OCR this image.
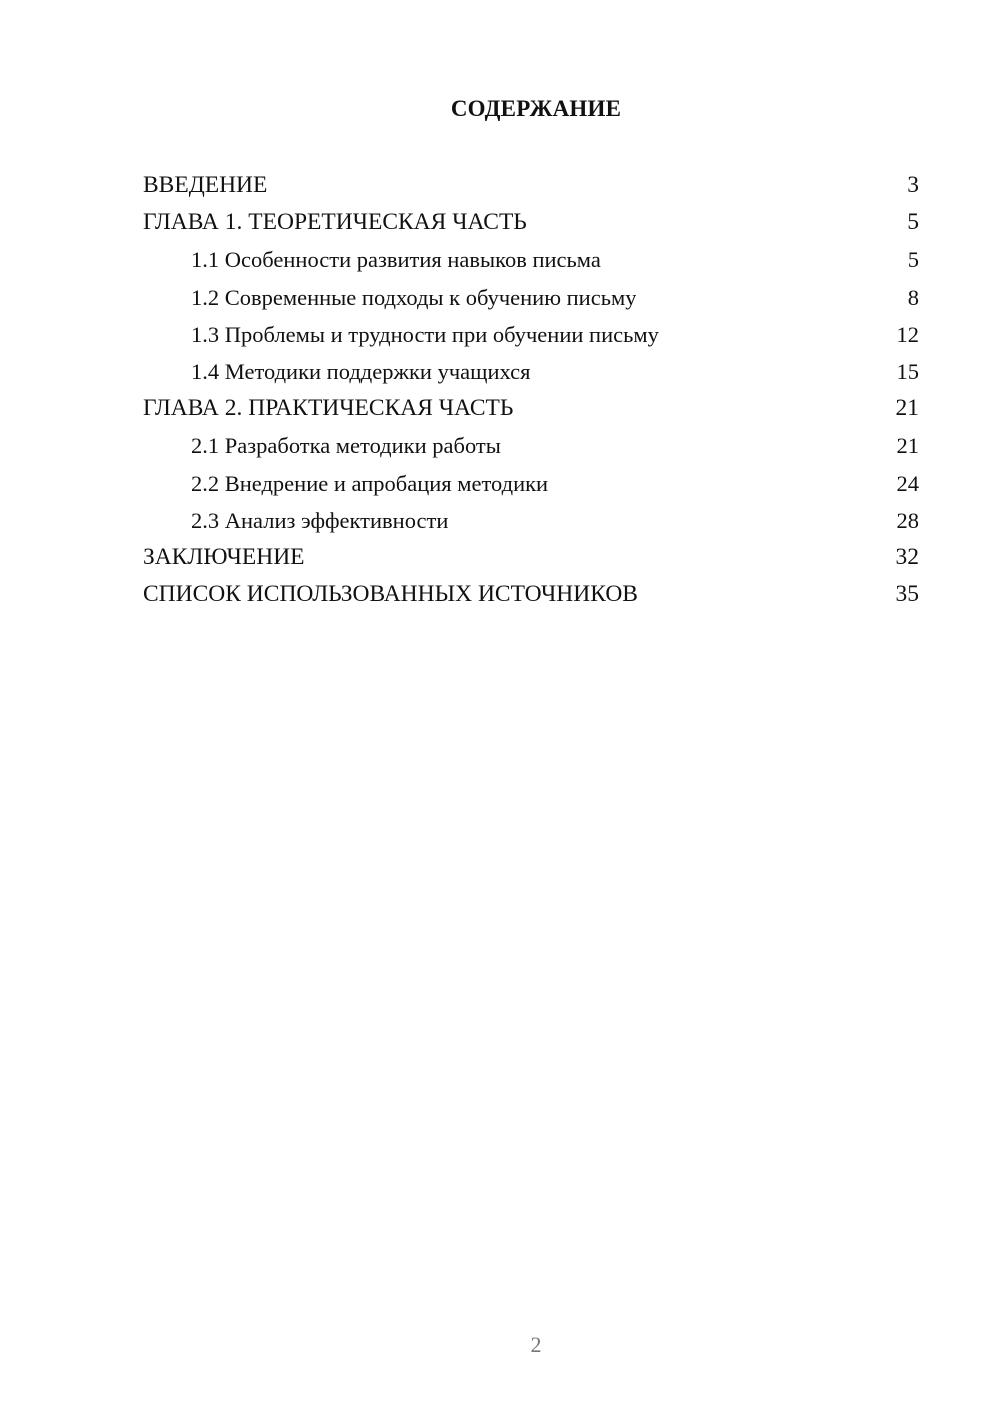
СОДЕРЖАНИЕ
ВВЕДЕНИЕ	3
ГЛАВА 1. ТЕОРЕТИЧЕСКАЯ ЧАСТЬ	5
1.1 Особенности развития навыков письма	5
1.2 Современные подходы к обучению письму	8
1.3 Проблемы и трудности при обучении письму	12
1.4 Методики поддержки учащихся	15
ГЛАВА 2. ПРАКТИЧЕСКАЯ ЧАСТЬ	21
2.1 Разработка методики работы	21
2.2 Внедрение и апробация методики	24
2.3 Анализ эффективности	28
ЗАКЛЮЧЕНИЕ	32
СПИСОК ИСПОЛЬЗОВАННЫХ ИСТОЧНИКОВ	35
2
